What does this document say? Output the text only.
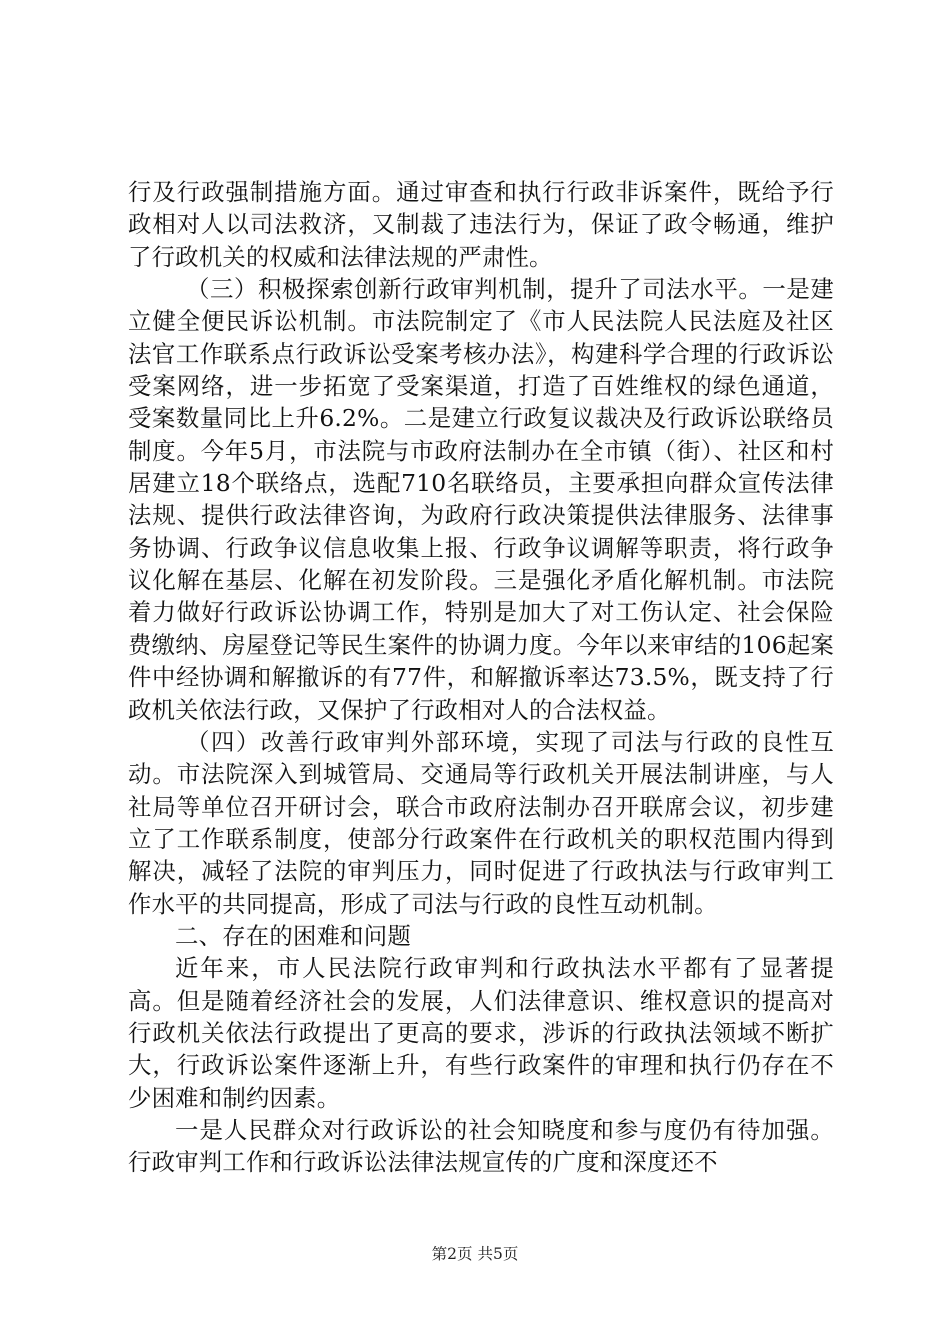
行及行政强制措施方面。通过审查和执行行政非诉案件，既给予行政相对人以司法救济，又制裁了违法行为，保证了政令畅通，维护了行政机关的权威和法律法规的严肃性。

（三）积极探索创新行政审判机制，提升了司法水平。一是建立健全便民诉讼机制。市法院制定了《市人民法院人民法庭及社区法官工作联系点行政诉讼受案考核办法》，构建科学合理的行政诉讼受案网络，进一步拓宽了受案渠道，打造了百姓维权的绿色通道，受案数量同比上升6.2%。二是建立行政复议裁决及行政诉讼联络员制度。今年5月，市法院与市政府法制办在全市镇（街）、社区和村居建立18个联络点，选配710名联络员，主要承担向群众宣传法律法规、提供行政法律咨询，为政府行政决策提供法律服务、法律事务协调、行政争议信息收集上报、行政争议调解等职责，将行政争议化解在基层、化解在初发阶段。三是强化矛盾化解机制。市法院着力做好行政诉讼协调工作，特别是加大了对工伤认定、社会保险费缴纳、房屋登记等民生案件的协调力度。今年以来审结的106起案件中经协调和解撤诉的有77件，和解撤诉率达73.5%，既支持了行政机关依法行政，又保护了行政相对人的合法权益。

（四）改善行政审判外部环境，实现了司法与行政的良性互动。市法院深入到城管局、交通局等行政机关开展法制讲座，与人社局等单位召开研讨会，联合市政府法制办召开联席会议，初步建立了工作联系制度，使部分行政案件在行政机关的职权范围内得到解决，减轻了法院的审判压力，同时促进了行政执法与行政审判工作水平的共同提高，形成了司法与行政的良性互动机制。

二、存在的困难和问题

近年来，市人民法院行政审判和行政执法水平都有了显著提高。但是随着经济社会的发展，人们法律意识、维权意识的提高对行政机关依法行政提出了更高的要求，涉诉的行政执法领域不断扩大，行政诉讼案件逐渐上升，有些行政案件的审理和执行仍存在不少困难和制约因素。

一是人民群众对行政诉讼的社会知晓度和参与度仍有待加强。行政审判工作和行政诉讼法律法规宣传的广度和深度还不

第2页 共5页
